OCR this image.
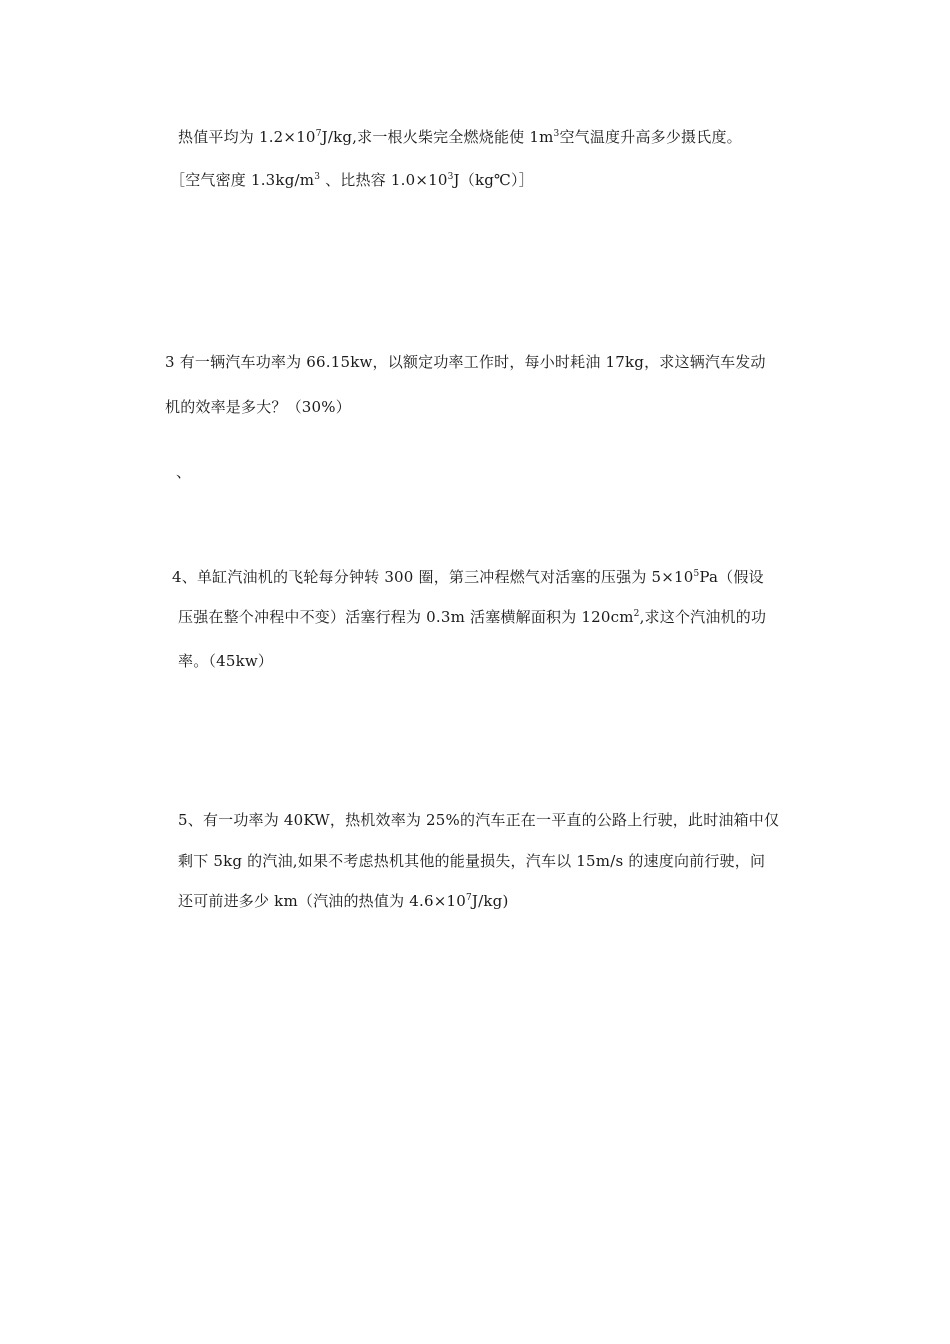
热值平均为 $1.2\times 10^7J/kg$,求一根火柴完全燃烧能使 $1m^3$空气温度升高多少摄氏度。
［空气密度 $1.3kg/m^3$ 、比热容 $1.0\times 10^3J(kg℃)]$
3 有一辆汽车功率为 66.15kw，以额定功率工作时，每小时耗油 17kg，求这辆汽车发动
机的效率是多大？（30%）
、
4、单缸汽油机的飞轮每分钟转 300 圈，第三冲程燃气对活塞的压强为 $5\times 10^5Pa$（假设
压强在整个冲程中不变）活塞行程为 0.3m 活塞横解面积为 $120cm^2$,求这个汽油机的功
率。（45kw）
5、有一功率为 40KW，热机效率为 25%的汽车正在一平直的公路上行驶，此时油箱中仅
剩下 5kg 的汽油,如果不考虑热机其他的能量损失，汽车以 15m/s 的速度向前行驶，问
还可前进多少 km（汽油的热值为 $4.6\times 10^7J/kg$)
